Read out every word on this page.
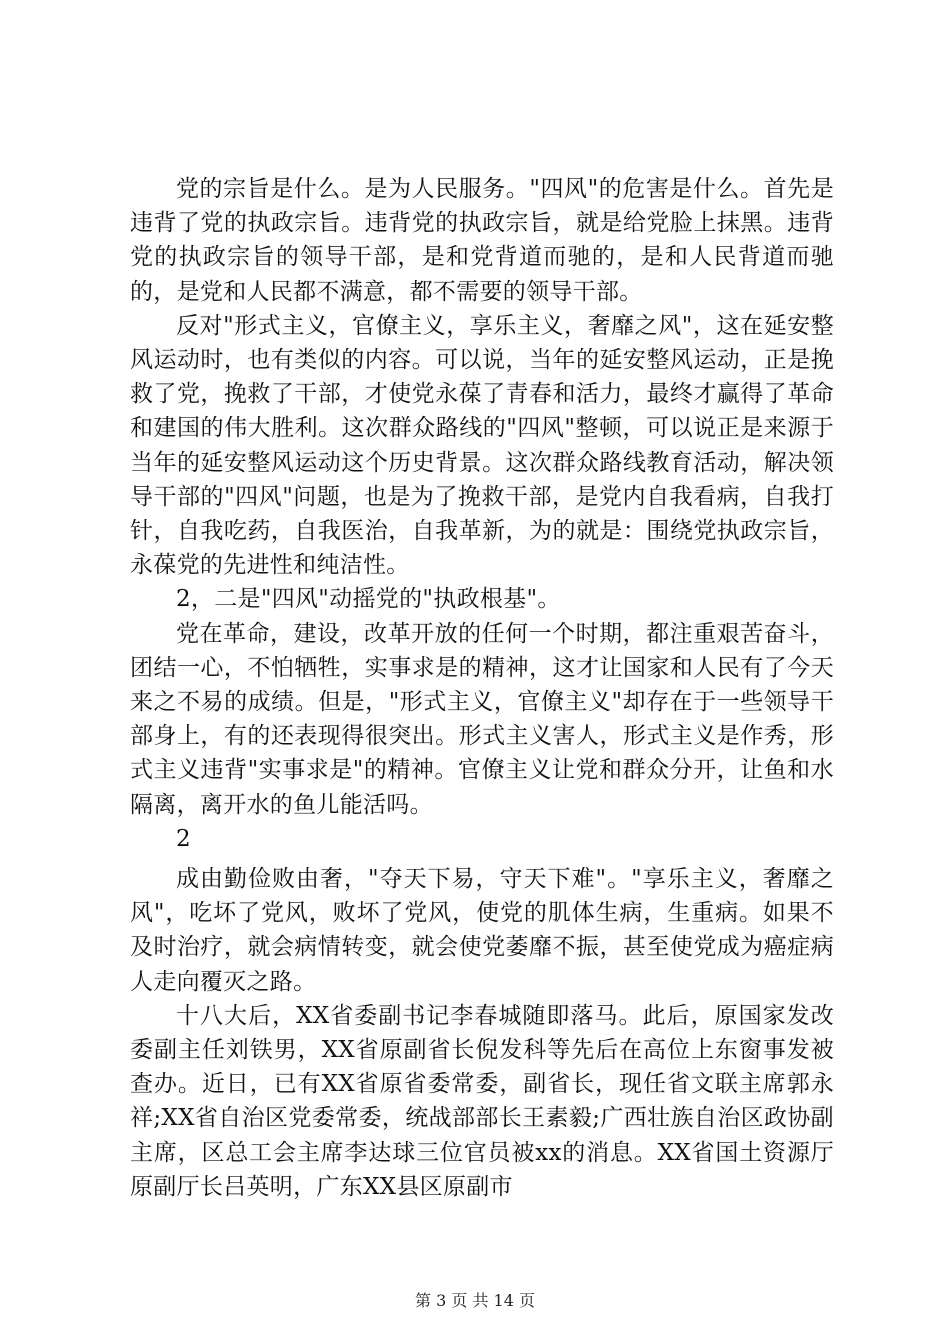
党的宗旨是什么。是为人民服务。"四风"的危害是什么。首先是违背了党的执政宗旨。违背党的执政宗旨，就是给党脸上抹黑。违背党的执政宗旨的领导干部，是和党背道而驰的，是和人民背道而驰的，是党和人民都不满意，都不需要的领导干部。

反对"形式主义，官僚主义，享乐主义，奢靡之风"，这在延安整风运动时，也有类似的内容。可以说，当年的延安整风运动，正是挽救了党，挽救了干部，才使党永葆了青春和活力，最终才赢得了革命和建国的伟大胜利。这次群众路线的"四风"整顿，可以说正是来源于当年的延安整风运动这个历史背景。这次群众路线教育活动，解决领导干部的"四风"问题，也是为了挽救干部，是党内自我看病，自我打针，自我吃药，自我医治，自我革新，为的就是：围绕党执政宗旨，永葆党的先进性和纯洁性。

2，二是"四风"动摇党的"执政根基"。

党在革命，建设，改革开放的任何一个时期，都注重艰苦奋斗，团结一心，不怕牺牲，实事求是的精神，这才让国家和人民有了今天来之不易的成绩。但是，"形式主义，官僚主义"却存在于一些领导干部身上，有的还表现得很突出。形式主义害人，形式主义是作秀，形式主义违背"实事求是"的精神。官僚主义让党和群众分开，让鱼和水隔离，离开水的鱼儿能活吗。

2

成由勤俭败由奢，"夺天下易，守天下难"。"享乐主义，奢靡之风"，吃坏了党风，败坏了党风，使党的肌体生病，生重病。如果不及时治疗，就会病情转变，就会使党萎靡不振，甚至使党成为癌症病人走向覆灭之路。

十八大后，XX省委副书记李春城随即落马。此后，原国家发改委副主任刘铁男，XX省原副省长倪发科等先后在高位上东窗事发被查办。近日，已有XX省原省委常委，副省长，现任省文联主席郭永祥;XX省自治区党委常委，统战部部长王素毅;广西壮族自治区政协副主席，区总工会主席李达球三位官员被xx的消息。XX省国土资源厅原副厅长吕英明，广东XX县区原副市

第 3 页 共 14 页
